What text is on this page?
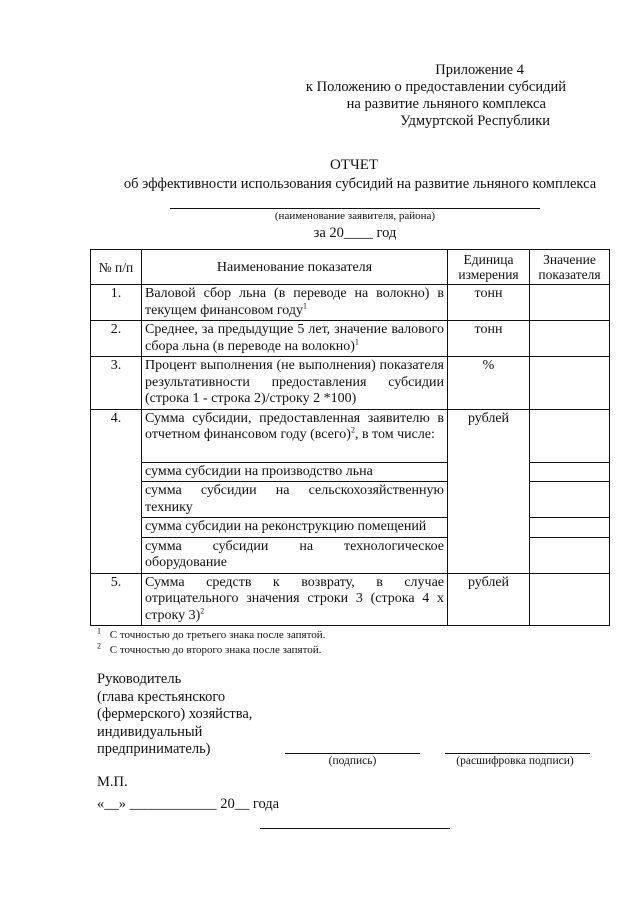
Приложение 4
к Положению о предоставлении субсидий
на развитие льняного комплекса
Удмуртской Республики
ОТЧЕТ
об эффективности использования субсидий на развитие льняного комплекса
(наименование заявителя, района)
за 20____ год
№ п/п	Наименование показателя	Единица измерения	Значение показателя
1.	Валовой сбор льна (в переводе на волокно) в текущем финансовом году$^1$	тонн	
2.	Среднее, за предыдущие 5 лет, значение валового сбора льна (в переводе на волокно)$^1$	тонн	
3.	Процент выполнения (не выполнения) показателя результативности предоставления субсидии (строка 1 - строка 2)/строку 2 *100)	%	
4.	Сумма субсидии, предоставленная заявителю в отчетном финансовом году (всего)$^2$, в том числе:	рублей	
	сумма субсидии на производство льна		
	сумма субсидии на сельскохозяйственную технику		
	сумма субсидии на реконструкцию помещений		
	сумма субсидии на технологическое оборудование		
5.	Сумма средств к возврату, в случае отрицательного значения строки 3 (строка 4 х строку 3)$^2$	рублей	
$^1$ С точностью до третьего знака после запятой.
$^2$ С точностью до второго знака после запятой.
Руководитель
(глава крестьянского
(фермерского) хозяйства,
индивидуальный
предприниматель)
(подпись)	(расшифровка подписи)
М.П.
«__» ____________ 20__ года
